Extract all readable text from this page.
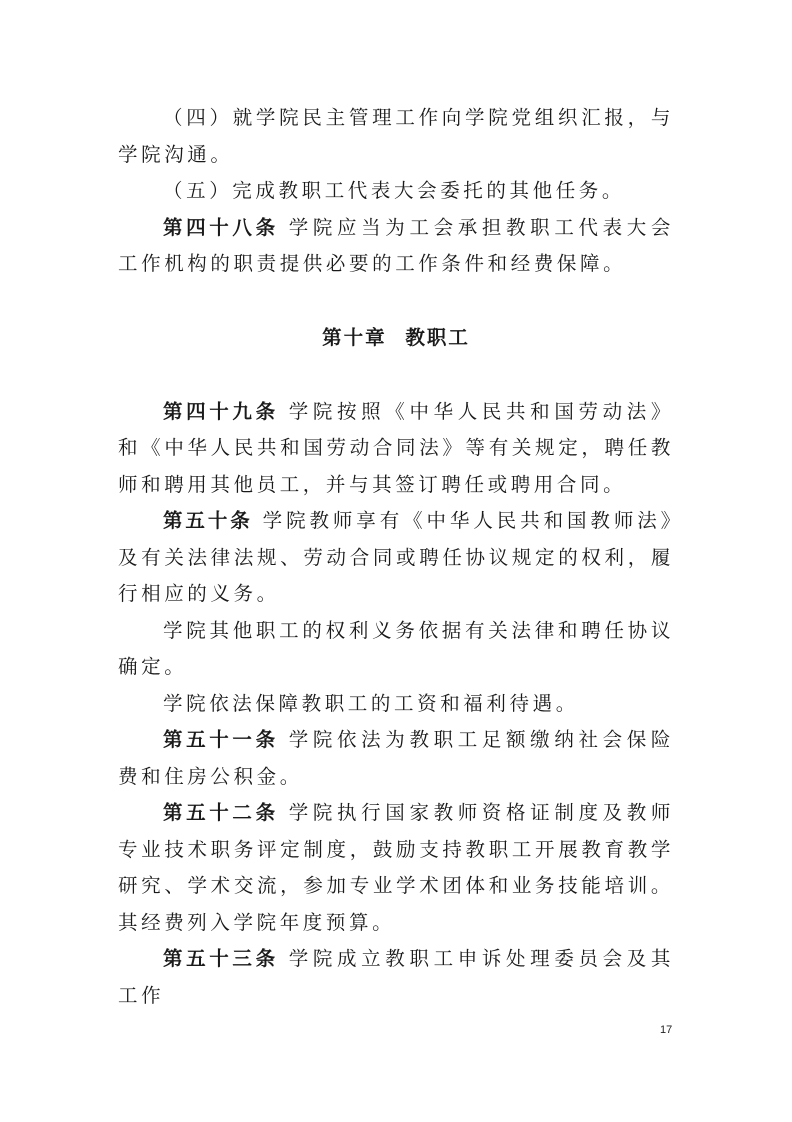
（四）就学院民主管理工作向学院党组织汇报，与学院沟通。

（五）完成教职工代表大会委托的其他任务。

第四十八条 学院应当为工会承担教职工代表大会工作机构的职责提供必要的工作条件和经费保障。

第十章 教职工

第四十九条 学院按照《中华人民共和国劳动法》和《中华人民共和国劳动合同法》等有关规定，聘任教师和聘用其他员工，并与其签订聘任或聘用合同。

第五十条 学院教师享有《中华人民共和国教师法》及有关法律法规、劳动合同或聘任协议规定的权利，履行相应的义务。

学院其他职工的权利义务依据有关法律和聘任协议确定。

学院依法保障教职工的工资和福利待遇。

第五十一条 学院依法为教职工足额缴纳社会保险费和住房公积金。

第五十二条 学院执行国家教师资格证制度及教师专业技术职务评定制度，鼓励支持教职工开展教育教学研究、学术交流，参加专业学术团体和业务技能培训。其经费列入学院年度预算。

第五十三条 学院成立教职工申诉处理委员会及其工作

17
